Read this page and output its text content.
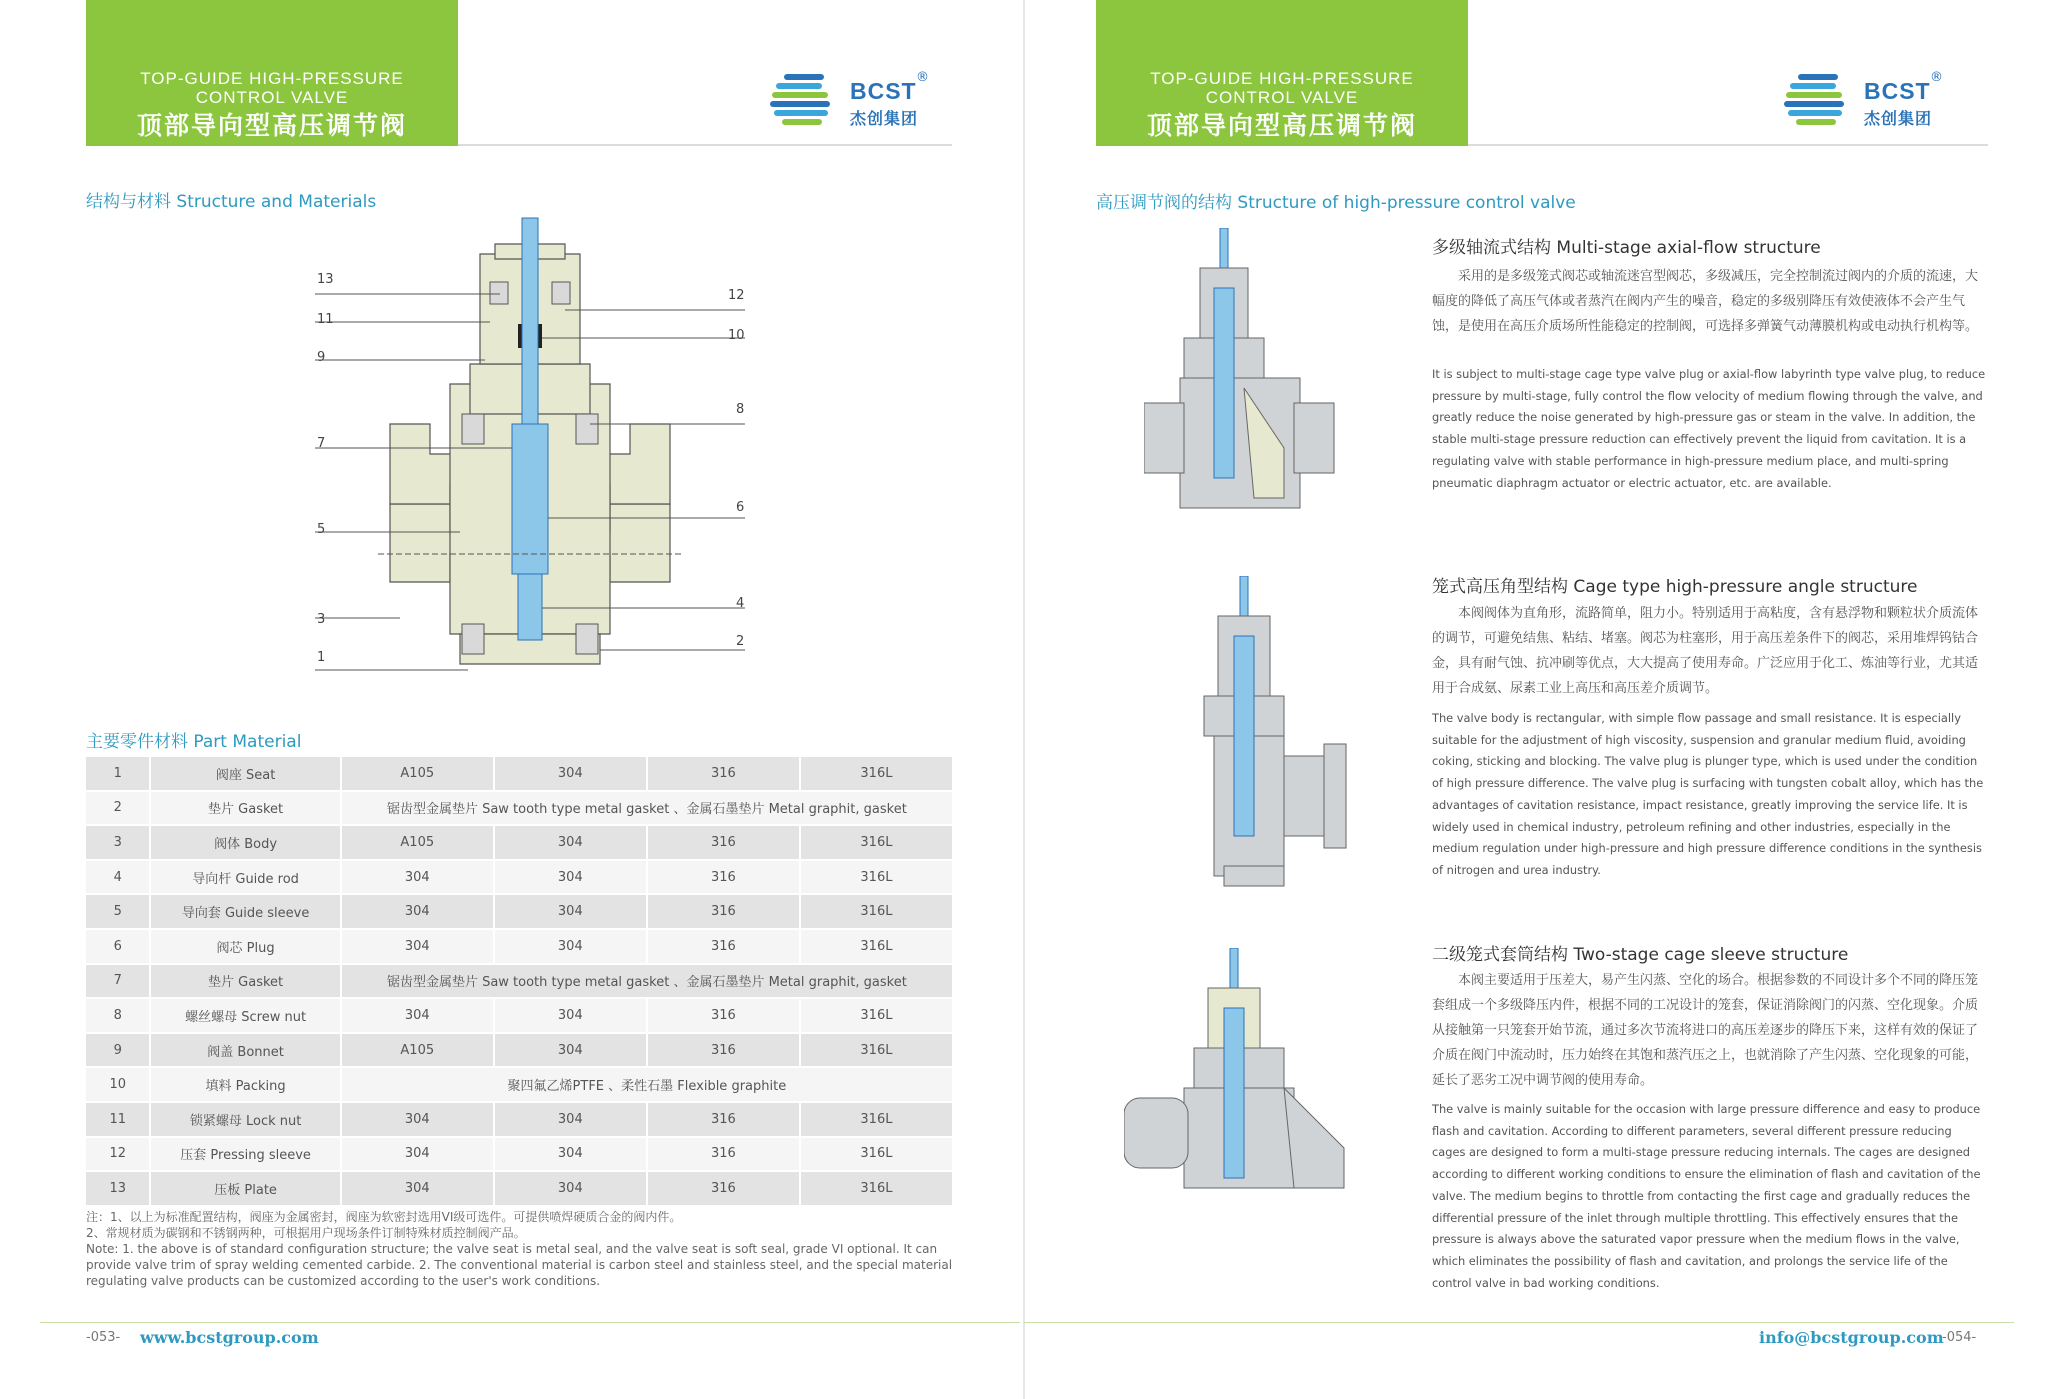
TOP-GUIDE HIGH-PRESSURE
CONTROL VALVE
顶部导向型高压调节阀
BCST
®
杰创集团
结构与材料 Structure and Materials
13
11
9
7
5
3
1
12
10
8
6
4
2
主要零件材料 Part Material
1	阀座 Seat	A105	304	316	316L
2	垫片 Gasket	锯齿型金属垫片 Saw tooth type metal gasket 、金属石墨垫片 Metal graphit, gasket			
3	阀体 Body	A105	304	316	316L
4	导向杆 Guide rod	304	304	316	316L
5	导向套 Guide sleeve	304	304	316	316L
6	阀芯 Plug	304	304	316	316L
7	垫片 Gasket	锯齿型金属垫片 Saw tooth type metal gasket 、金属石墨垫片 Metal graphit, gasket			
8	螺丝螺母 Screw nut	304	304	316	316L
9	阀盖 Bonnet	A105	304	316	316L
10	填料 Packing	聚四氟乙烯PTFE 、柔性石墨 Flexible graphite			
11	锁紧螺母 Lock nut	304	304	316	316L
12	压套 Pressing sleeve	304	304	316	316L
13	压板 Plate	304	304	316	316L
注：1、以上为标准配置结构，阀座为金属密封，阀座为软密封选用VI级可选件。可提供喷焊硬质合金的阀内件。
2、常规材质为碳钢和不锈钢两种，可根据用户现场条件订制特殊材质控制阀产品。
Note: 1. the above is of standard configuration structure; the valve seat is metal seal, and the valve seat is soft seal, grade VI optional. It can
provide valve trim of spray welding cemented carbide. 2. The conventional material is carbon steel and stainless steel, and the special material
regulating valve products can be customized according to the user's work conditions.
-053- www.bcstgroup.com
TOP-GUIDE HIGH-PRESSURE
CONTROL VALVE
顶部导向型高压调节阀
BCST
®
杰创集团
高压调节阀的结构 Structure of high-pressure control valve
多级轴流式结构 Multi-stage axial-flow structure
采用的是多级笼式阀芯或轴流迷宫型阀芯，多级减压，完全控制流过阀内的介质的流速，大幅度的降低了高压气体或者蒸汽在阀内产生的噪音，稳定的多级别降压有效使液体不会产生气蚀，是使用在高压介质场所性能稳定的控制阀，可选择多弹簧气动薄膜机构或电动执行机构等。
It is subject to multi-stage cage type valve plug or axial-flow labyrinth type valve plug, to reduce pressure by multi-stage, fully control the flow velocity of medium flowing through the valve, and greatly reduce the noise generated by high-pressure gas or steam in the valve. In addition, the stable multi-stage pressure reduction can effectively prevent the liquid from cavitation. It is a regulating valve with stable performance in high-pressure medium place, and multi-spring pneumatic diaphragm actuator or electric actuator, etc. are available.
笼式高压角型结构 Cage type high-pressure angle structure
本阀阀体为直角形，流路简单，阻力小。特别适用于高粘度，含有悬浮物和颗粒状介质流体的调节，可避免结焦、粘结、堵塞。阀芯为柱塞形，用于高压差条件下的阀芯，采用堆焊钨钴合金，具有耐气蚀、抗冲刷等优点，大大提高了使用寿命。广泛应用于化工、炼油等行业，尤其适用于合成氨、尿素工业上高压和高压差介质调节。
The valve body is rectangular, with simple flow passage and small resistance. It is especially suitable for the adjustment of high viscosity, suspension and granular medium fluid, avoiding coking, sticking and blocking. The valve plug is plunger type, which is used under the condition of high pressure difference. The valve plug is surfacing with tungsten cobalt alloy, which has the advantages of cavitation resistance, impact resistance, greatly improving the service life. It is widely used in chemical industry, petroleum refining and other industries, especially in the medium regulation under high-pressure and high pressure difference conditions in the synthesis of nitrogen and urea industry.
二级笼式套筒结构 Two-stage cage sleeve structure
本阀主要适用于压差大，易产生闪蒸、空化的场合。根据参数的不同设计多个不同的降压笼套组成一个多级降压内件，根据不同的工况设计的笼套，保证消除阀门的闪蒸、空化现象。介质从接触第一只笼套开始节流，通过多次节流将进口的高压差逐步的降压下来，这样有效的保证了介质在阀门中流动时，压力始终在其饱和蒸汽压之上，也就消除了产生闪蒸、空化现象的可能，延长了恶劣工况中调节阀的使用寿命。
The valve is mainly suitable for the occasion with large pressure difference and easy to produce flash and cavitation. According to different parameters, several different pressure reducing cages are designed to form a multi-stage pressure reducing internals. The cages are designed according to different working conditions to ensure the elimination of flash and cavitation of the valve. The medium begins to throttle from contacting the first cage and gradually reduces the differential pressure of the inlet through multiple throttling. This effectively ensures that the pressure is always above the saturated vapor pressure when the medium flows in the valve, which eliminates the possibility of flash and cavitation, and prolongs the service life of the control valve in bad working conditions.
info@bcstgroup.com
-054-
